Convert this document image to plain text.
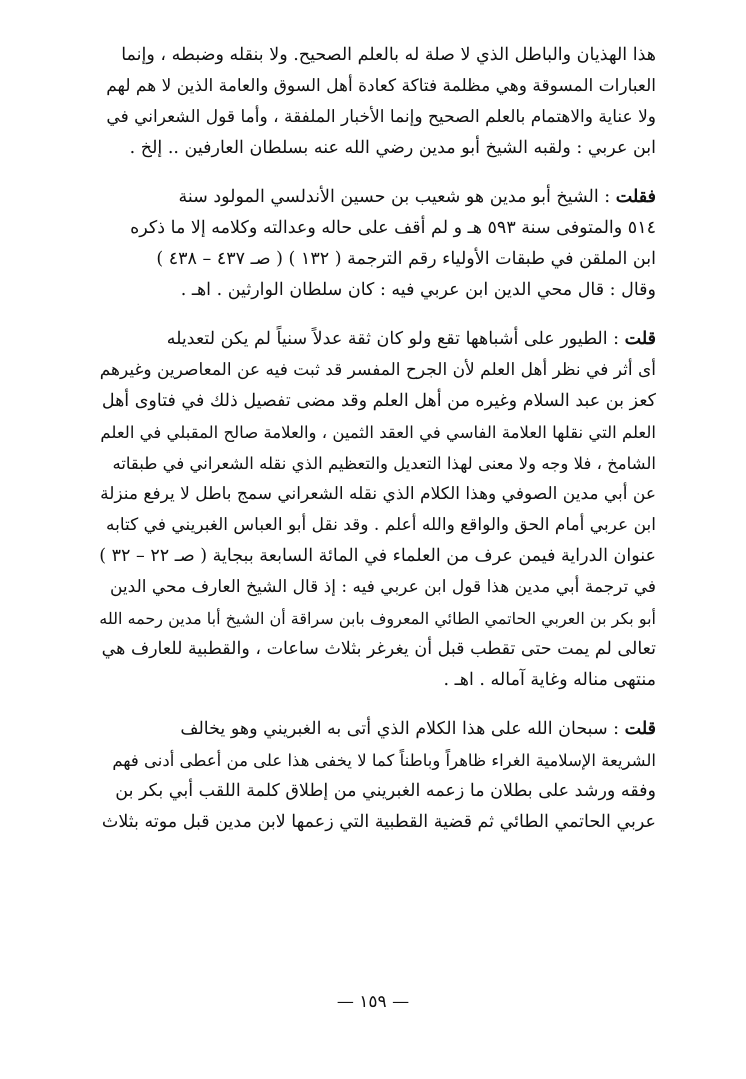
هذا الهذيان والباطل الذي لا صلة له بالعلم الصحيح. ولا بنقله وضبطه ، وإنما
العبارات المسوقة وهي مظلمة فتاكة كعادة أهل السوق والعامة الذين لا هم لهم
ولا عناية والاهتمام بالعلم الصحيح وإنما الأخبار الملفقة ، وأما قول الشعراني في
ابن عربي : ولقبه الشيخ أبو مدين رضي الله عنه بسلطان العارفين .. إلخ .
فقلت : الشيخ أبو مدين هو شعيب بن حسين الأندلسي المولود سنة
٥١٤ والمتوفى سنة ٥٩٣ هـ و لم أقف على حاله وعدالته وكلامه إلا ما ذكره
ابن الملقن في طبقات الأولياء رقم الترجمة ( ١٣٢ ) ( صـ ٤٣٧ – ٤٣٨ )
وقال : قال محي الدين ابن عربي فيه : كان سلطان الوارثين . اهـ .
قلت : الطيور على أشباهها تقع ولو كان ثقة عدلاً سنياً لم يكن لتعديله
أى أثر في نظر أهل العلم لأن الجرح المفسر قد ثبت فيه عن المعاصرين وغيرهم
كعز بن عبد السلام وغيره من أهل العلم وقد مضى تفصيل ذلك في فتاوى أهل
العلم التي نقلها العلامة الفاسي في العقد الثمين ، والعلامة صالح المقبلي في العلم
الشامخ ، فلا وجه ولا معنى لهذا التعديل والتعظيم الذي نقله الشعراني في طبقاته
عن أبي مدين الصوفي وهذا الكلام الذي نقله الشعراني سمج باطل لا يرفع منزلة
ابن عربي أمام الحق والواقع والله أعلم . وقد نقل أبو العباس الغبريني في كتابه
عنوان الدراية فيمن عرف من العلماء في المائة السابعة ببجاية ( صـ ٢٢ – ٣٢ )
في ترجمة أبي مدين هذا قول ابن عربي فيه : إذ قال الشيخ العارف محي الدين
أبو بكر بن العربي الحاتمي الطائي المعروف بابن سراقة أن الشيخ أبا مدين رحمه الله
تعالى لم يمت حتى تقطب قبل أن يغرغر بثلاث ساعات ، والقطبية للعارف هي
منتهى مناله وغاية آماله . اهـ .
قلت : سبحان الله على هذا الكلام الذي أتى به الغبريني وهو يخالف
الشريعة الإسلامية الغراء ظاهراً وباطناً كما لا يخفى هذا على من أعطى أدنى فهم
وفقه ورشد على بطلان ما زعمه الغبريني من إطلاق كلمة اللقب أبي بكر بن
عربي الحاتمي الطائي ثم قضية القطبية التي زعمها لابن مدين قبل موته بثلاث
— ١٥٩ —
